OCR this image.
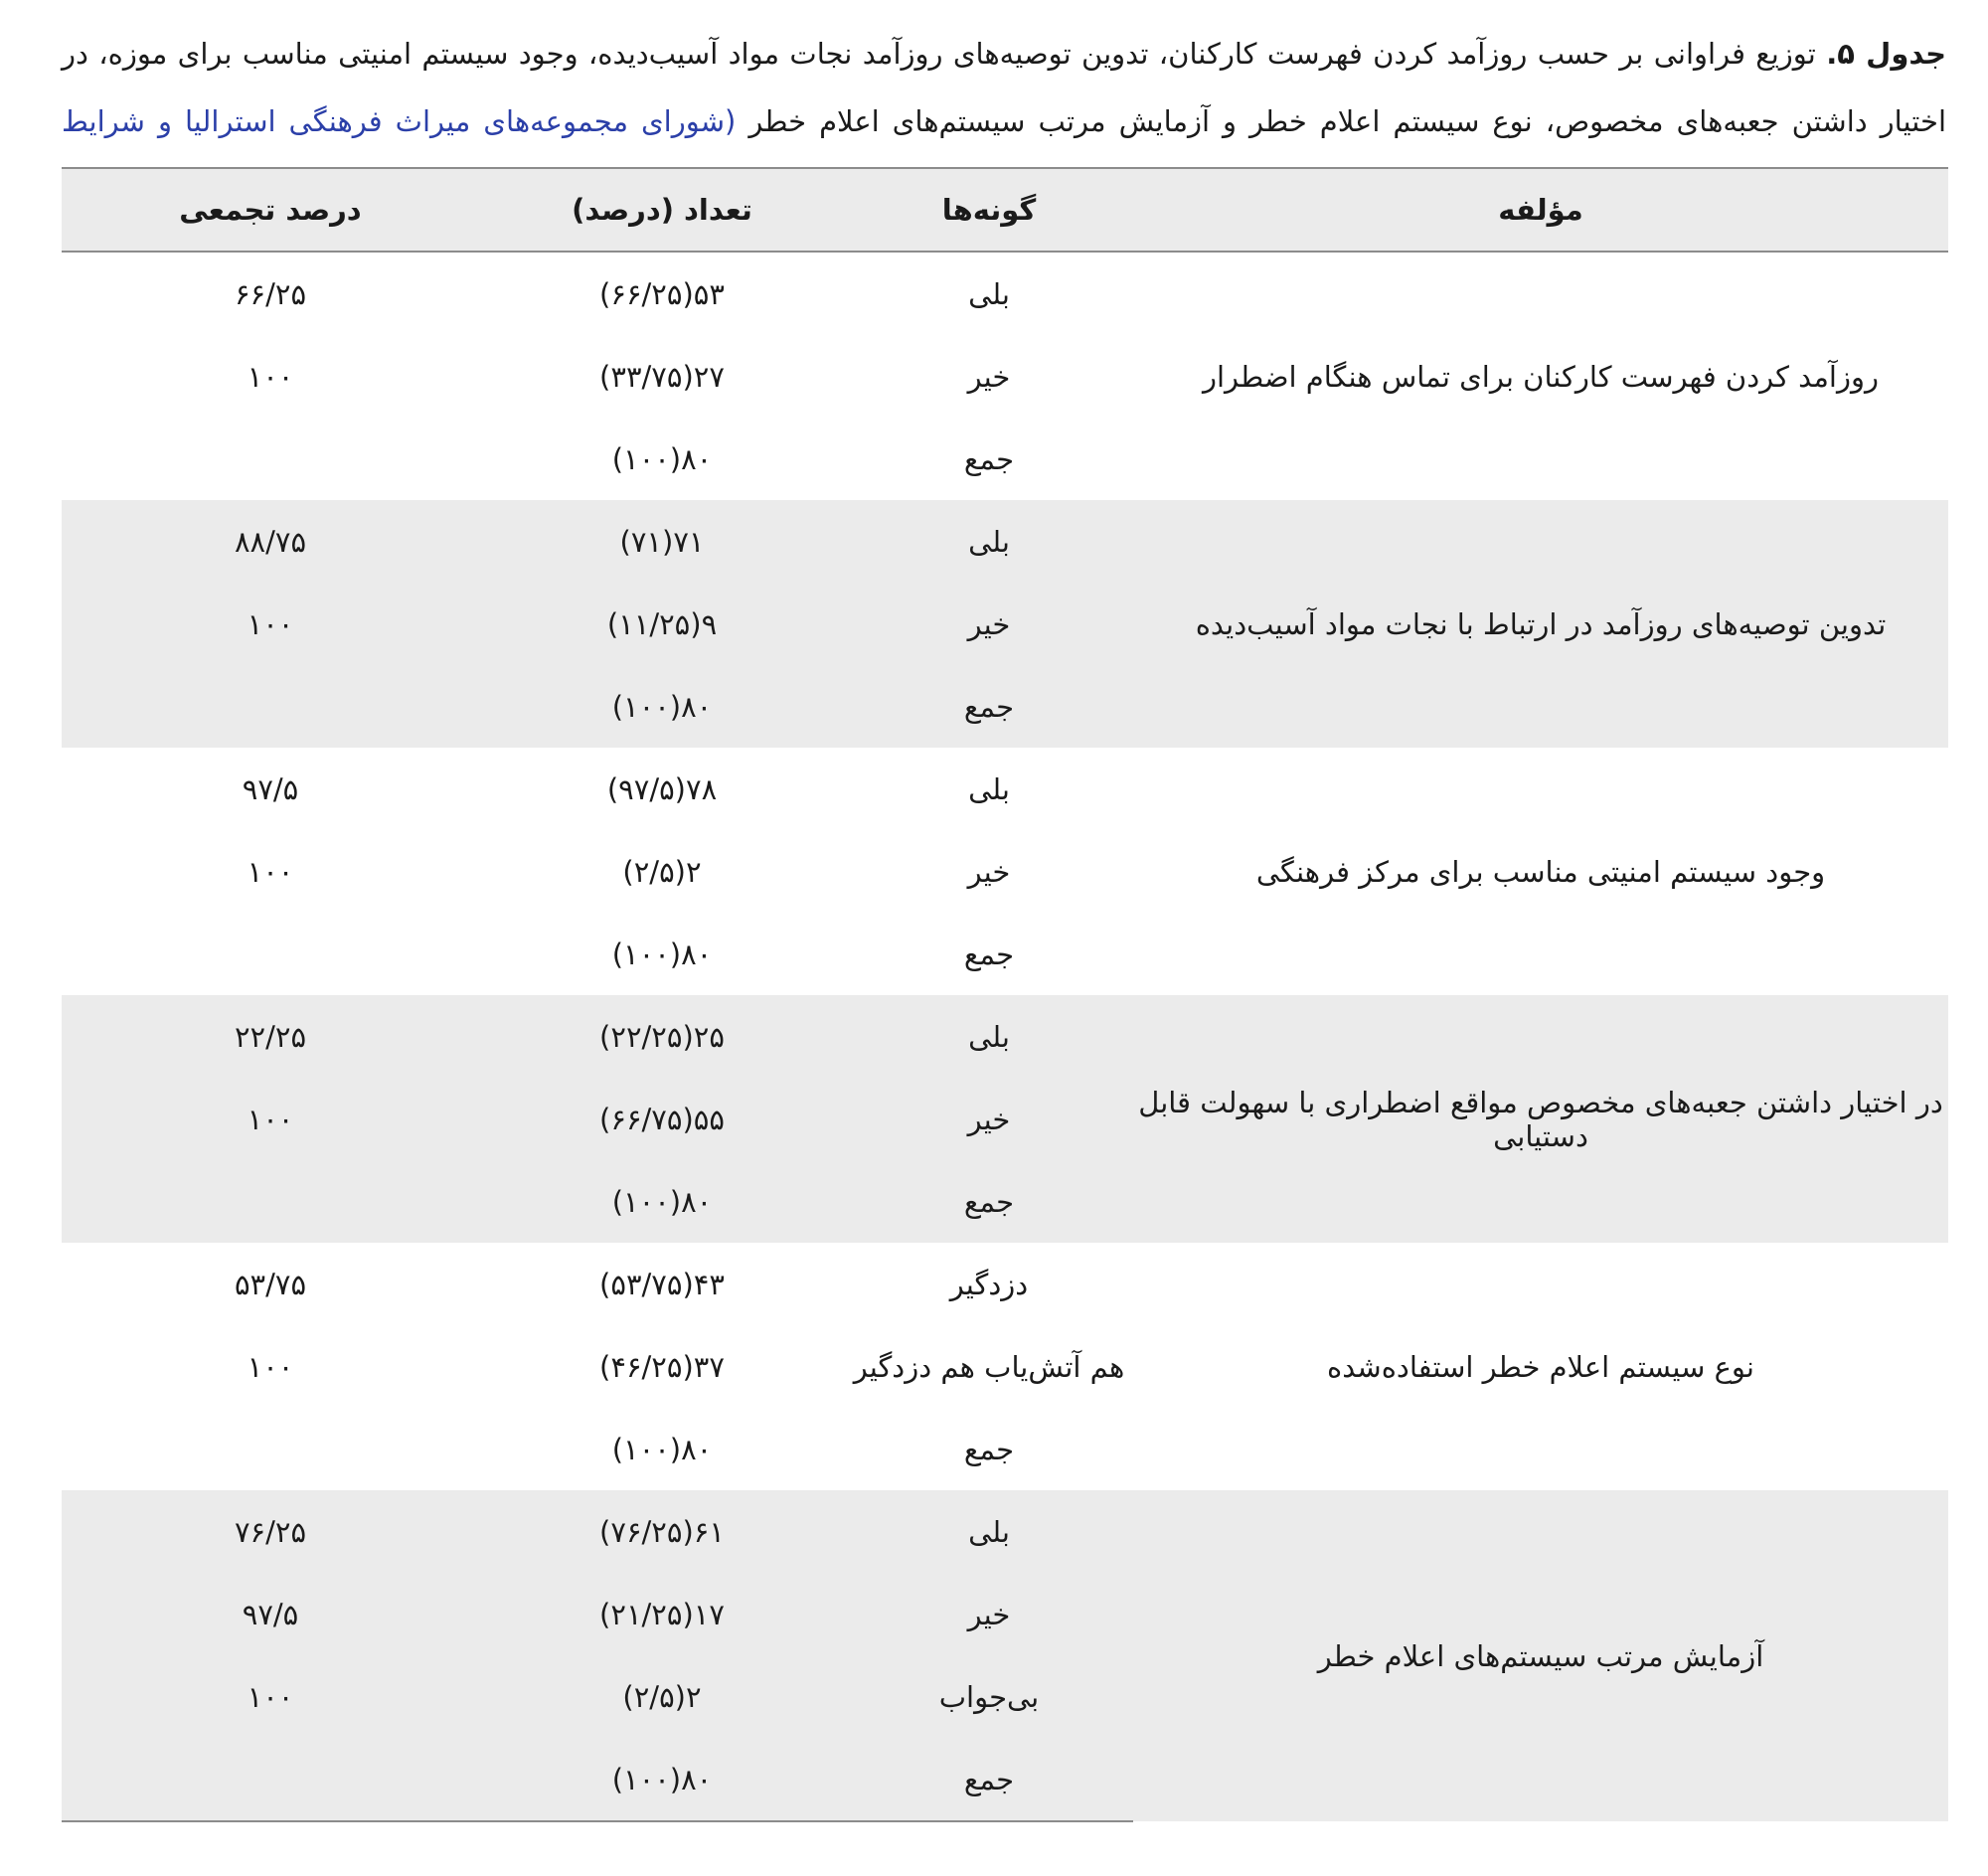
جدول ۵. توزیع فراوانی بر حسب روزآمد کردن فهرست کارکنان، تدوین توصیه‌های روزآمد نجات مواد آسیب‌دیده، وجود سیستم امنیتی مناسب برای موزه، در اختیار داشتن جعبه‌های مخصوص، نوع سیستم اعلام خطر و آزمایش مرتب سیستم‌های اعلام خطر (شورای مجموعه‌های میراث فرهنگی استرالیا و شرایط
مؤلفه	گونه‌ها	تعداد (درصد)	درصد تجمعی
روزآمد کردن فهرست کارکنان برای تماس هنگام اضطرار	بلی	۵۳(۶۶/۲۵)	۶۶/۲۵
	خیر	۲۷(۳۳/۷۵)	۱۰۰
	جمع	۸۰(۱۰۰)	
تدوین توصیه‌های روزآمد در ارتباط با نجات مواد آسیب‌دیده	بلی	۷۱(۷۱)	۸۸/۷۵
	خیر	۹(۱۱/۲۵)	۱۰۰
	جمع	۸۰(۱۰۰)	
وجود سیستم امنیتی مناسب برای مرکز فرهنگی	بلی	۷۸(۹۷/۵)	۹۷/۵
	خیر	۲(۲/۵)	۱۰۰
	جمع	۸۰(۱۰۰)	
در اختیار داشتن جعبه‌های مخصوص مواقع اضطراری با سهولت قابل دستیابی	بلی	۲۵(۲۲/۲۵)	۲۲/۲۵
	خیر	۵۵(۶۶/۷۵)	۱۰۰
	جمع	۸۰(۱۰۰)	
نوع سیستم اعلام خطر استفاده‌شده	دزدگیر	۴۳(۵۳/۷۵)	۵۳/۷۵
	هم آتش‌یاب هم دزدگیر	۳۷(۴۶/۲۵)	۱۰۰
	جمع	۸۰(۱۰۰)	
آزمایش مرتب سیستم‌های اعلام خطر	بلی	۶۱(۷۶/۲۵)	۷۶/۲۵
	خیر	۱۷(۲۱/۲۵)	۹۷/۵
	بی‌جواب	۲(۲/۵)	۱۰۰
	جمع	۸۰(۱۰۰)	
